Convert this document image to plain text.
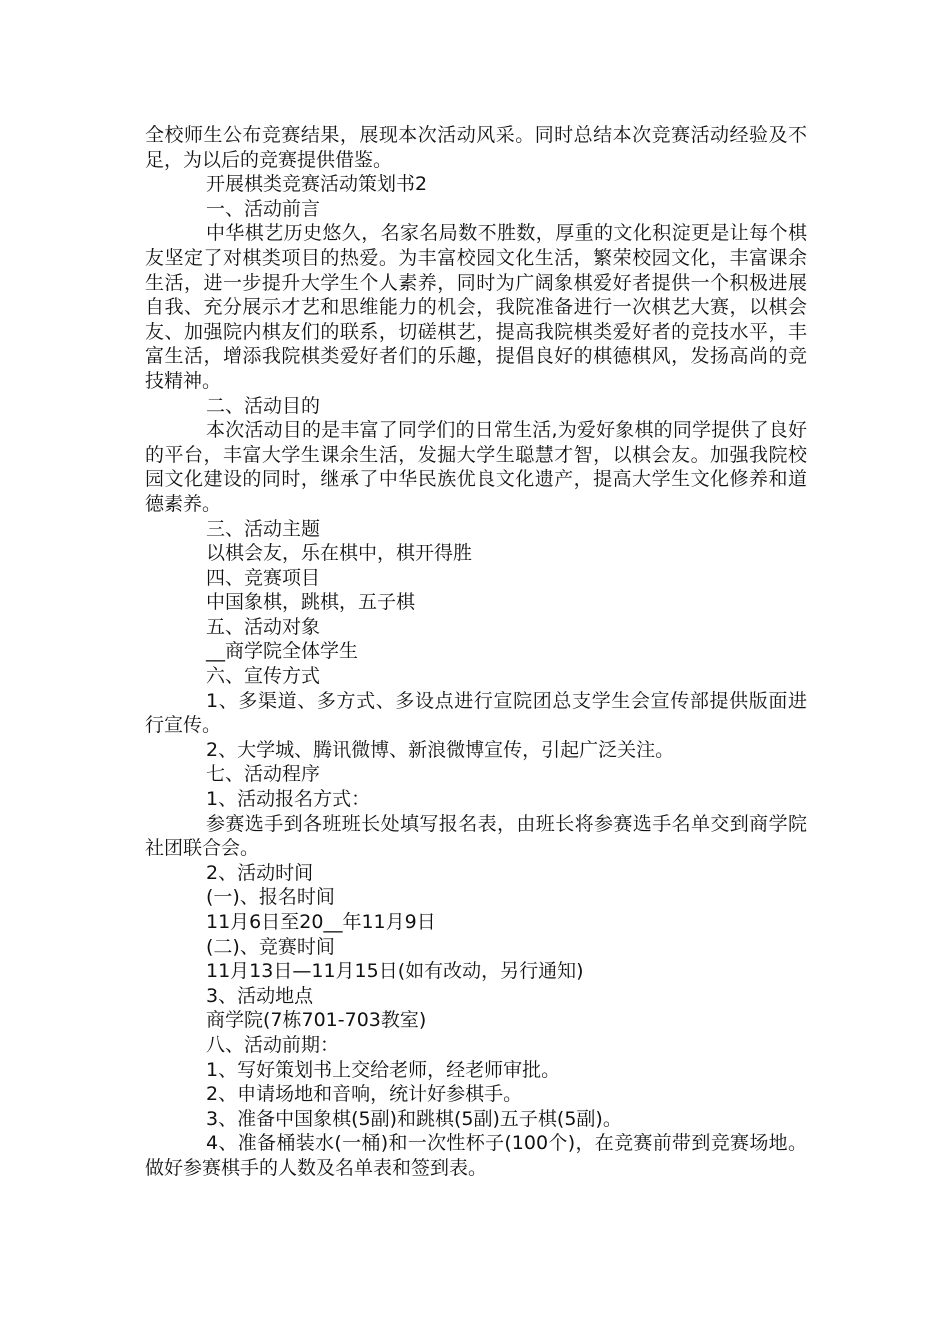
全校师生公布竞赛结果，展现本次活动风采。同时总结本次竞赛活动经验及不足，为以后的竞赛提供借鉴。

开展棋类竞赛活动策划书2

一、活动前言

中华棋艺历史悠久，名家名局数不胜数，厚重的文化积淀更是让每个棋友坚定了对棋类项目的热爱。为丰富校园文化生活，繁荣校园文化，丰富课余生活，进一步提升大学生个人素养，同时为广阔象棋爱好者提供一个积极进展自我、充分展示才艺和思维能力的机会，我院准备进行一次棋艺大赛，以棋会友、加强院内棋友们的联系，切磋棋艺，提高我院棋类爱好者的竞技水平，丰富生活，增添我院棋类爱好者们的乐趣，提倡良好的棋德棋风，发扬高尚的竞技精神。

二、活动目的

本次活动目的是丰富了同学们的日常生活,为爱好象棋的同学提供了良好的平台，丰富大学生课余生活，发掘大学生聪慧才智，以棋会友。加强我院校园文化建设的同时，继承了中华民族优良文化遗产，提高大学生文化修养和道德素养。

三、活动主题

以棋会友，乐在棋中，棋开得胜

四、竞赛项目

中国象棋，跳棋，五子棋

五、活动对象

__商学院全体学生

六、宣传方式

1、多渠道、多方式、多设点进行宣院团总支学生会宣传部提供版面进行宣传。

2、大学城、腾讯微博、新浪微博宣传，引起广泛关注。

七、活动程序

1、活动报名方式：

参赛选手到各班班长处填写报名表，由班长将参赛选手名单交到商学院社团联合会。

2、活动时间

(一)、报名时间

11月6日至20__年11月9日

(二)、竞赛时间

11月13日—11月15日(如有改动，另行通知)

3、活动地点

商学院(7栋701-703教室)

八、活动前期：

1、写好策划书上交给老师，经老师审批。

2、申请场地和音响，统计好参棋手。

3、准备中国象棋(5副)和跳棋(5副)五子棋(5副)。

4、准备桶装水(一桶)和一次性杯子(100个)，在竞赛前带到竞赛场地。做好参赛棋手的人数及名单表和签到表。
